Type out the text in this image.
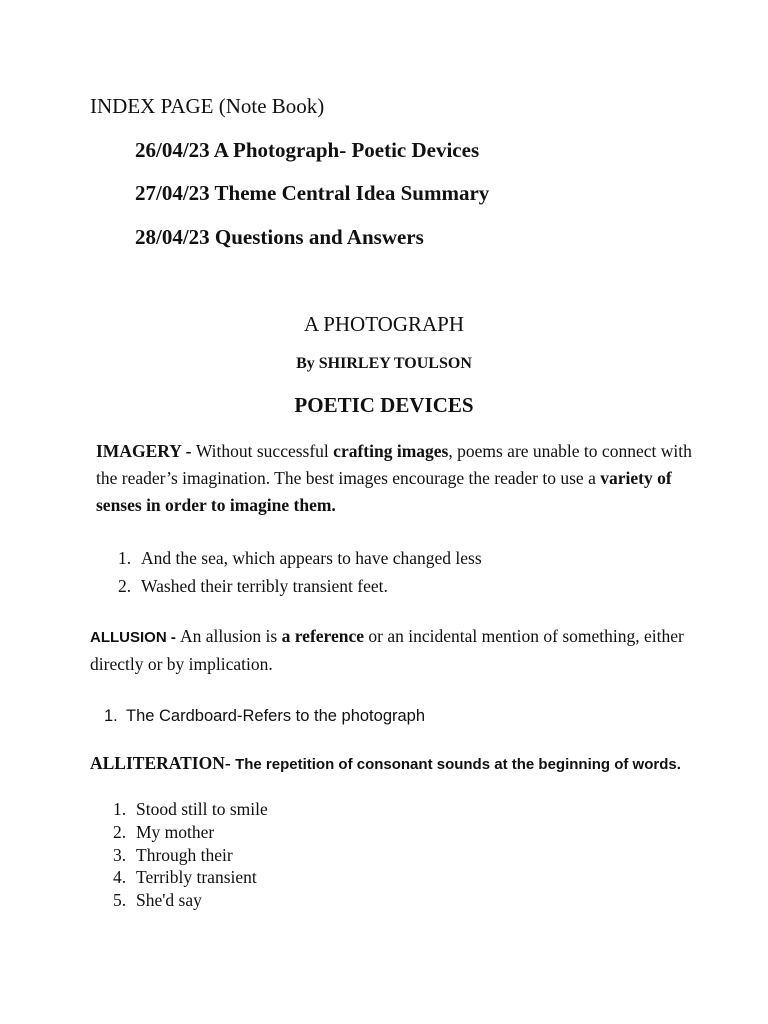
INDEX PAGE (Note Book)
26/04/23 A Photograph- Poetic Devices
27/04/23 Theme Central Idea Summary
28/04/23 Questions and Answers
A PHOTOGRAPH
By SHIRLEY TOULSON
POETIC DEVICES
IMAGERY - Without successful crafting images, poems are unable to connect with the reader’s imagination. The best images encourage the reader to use a variety of senses in order to imagine them.
1. And the sea, which appears to have changed less
2. Washed their terribly transient feet.
ALLUSION - An allusion is a reference or an incidental mention of something, either directly or by implication.
1. The Cardboard-Refers to the photograph
ALLITERATION- The repetition of consonant sounds at the beginning of words.
1. Stood still to smile
2. My mother
3. Through their
4. Terribly transient
5. She'd say
